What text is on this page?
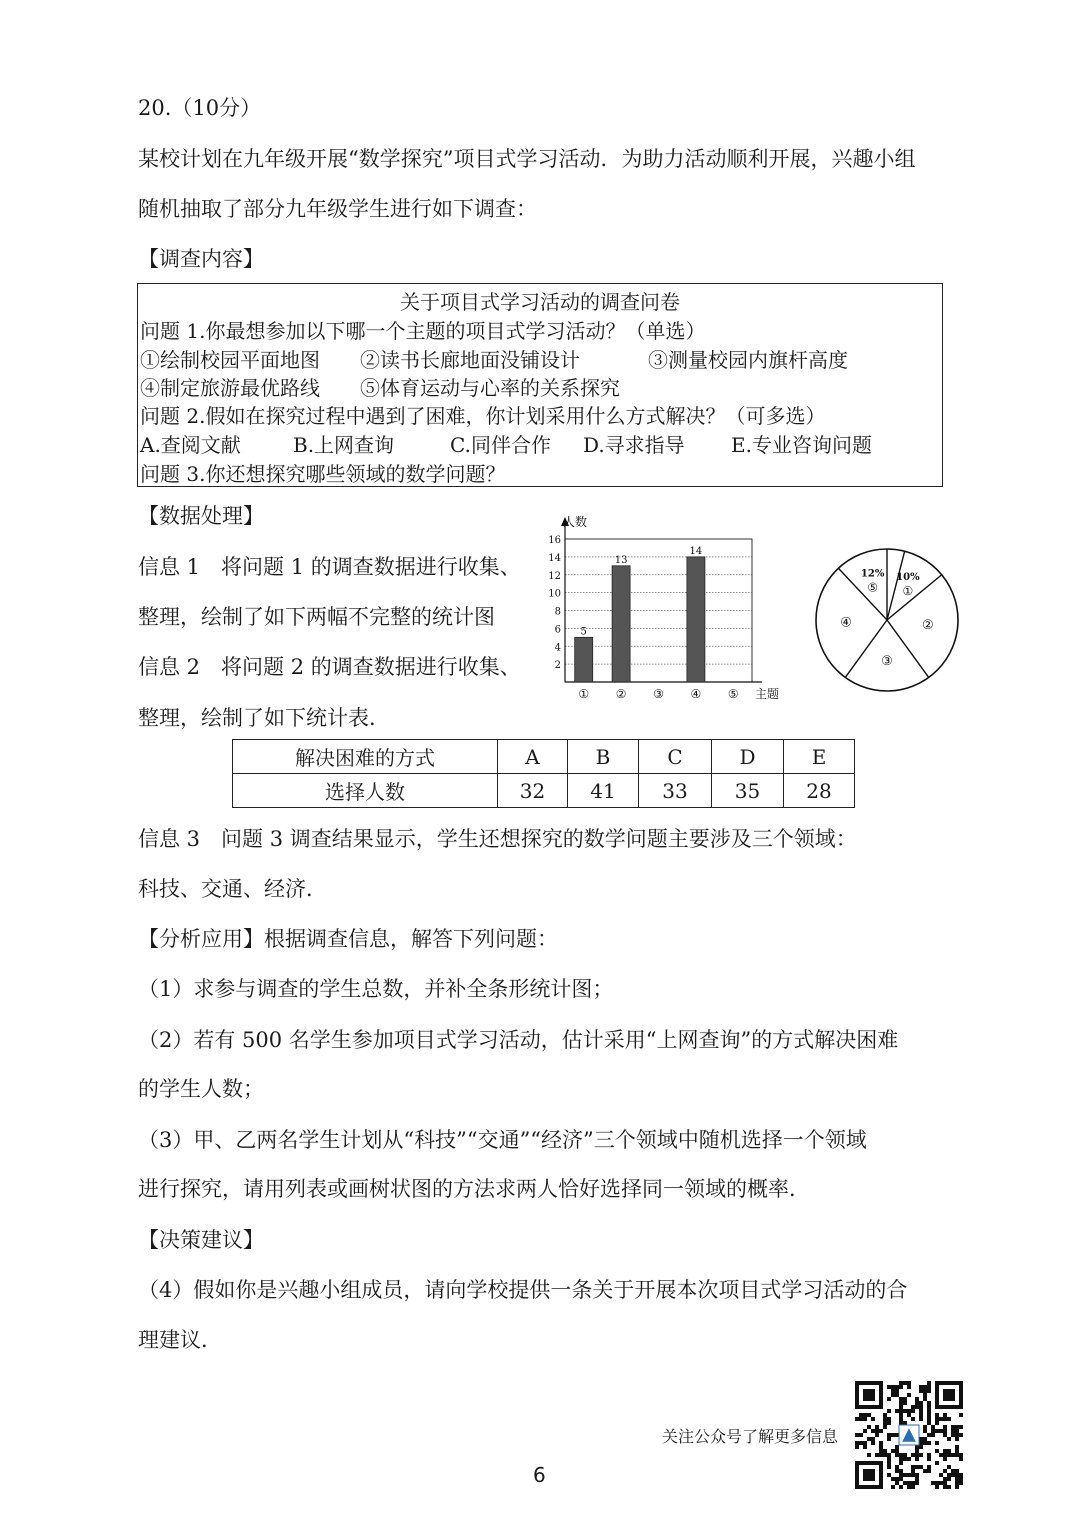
20.（10分）
某校计划在九年级开展“数学探究”项目式学习活动．为助力活动顺利开展，兴趣小组
随机抽取了部分九年级学生进行如下调查：
【调查内容】
关于项目式学习活动的调查问卷
问题 1.你最想参加以下哪一个主题的项目式学习活动？（单选）
①绘制校园平面地图 ②读书长廊地面没铺设计	③测量校园内旗杆高度
④制定旅游最优路线 ⑤体育运动与心率的关系探究
问题 2.假如在探究过程中遇到了困难，你计划采用什么方式解决？（可多选）
A.查阅文献	B.上网查询	C.同伴合作 D.寻求指导 E.专业咨询问题
问题 3.你还想探究哪些领域的数学问题？
【数据处理】
信息 1　将问题 1 的调查数据进行收集、
整理，绘制了如下两幅不完整的统计图
信息 2　将问题 2 的调查数据进行收集、
整理，绘制了如下统计表．
2
4
6
8
10
12
14
16
5
①
13
② ③
14
④ ⑤
人数
主题
10%
①
②
③
④
12%
⑤
解决困难的方式	A	B	C	D	E
选择人数	32	41	33	35	28
信息 3　问题 3 调查结果显示，学生还想探究的数学问题主要涉及三个领域：
科技、交通、经济．
【分析应用】根据调查信息，解答下列问题：
（1）求参与调查的学生总数，并补全条形统计图；
（2）若有 500 名学生参加项目式学习活动，估计采用“上网查询”的方式解决困难
的学生人数；
（3）甲、乙两名学生计划从“科技”“交通”“经济”三个领域中随机选择一个领域
进行探究，请用列表或画树状图的方法求两人恰好选择同一领域的概率．
【决策建议】
（4）假如你是兴趣小组成员，请向学校提供一条关于开展本次项目式学习活动的合
理建议．
关注公众号了解更多信息
6
